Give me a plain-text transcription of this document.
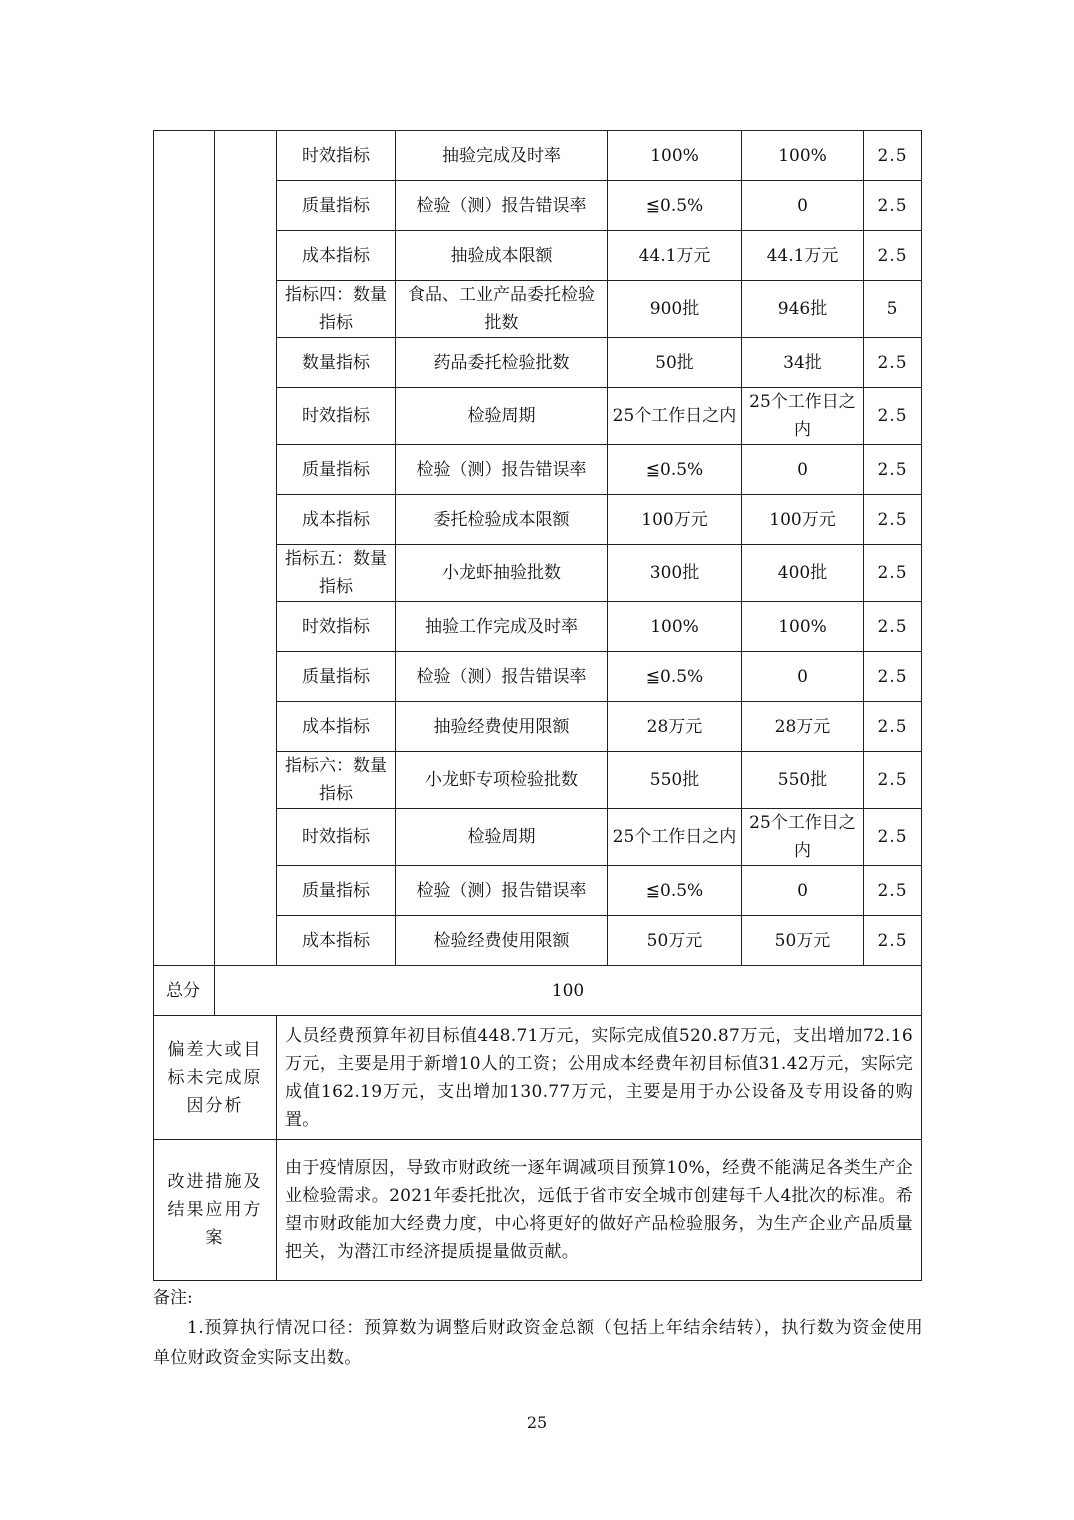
		时效指标	抽验完成及时率	100%	100%	2.5
		质量指标	检验（测）报告错误率	≦0.5%	0	2.5
		成本指标	抽验成本限额	44.1万元	44.1万元	2.5
		指标四：数量指标	食品、工业产品委托检验批数	900批	946批	5
		数量指标	药品委托检验批数	50批	34批	2.5
		时效指标	检验周期	25个工作日之内	25个工作日之内	2.5
		质量指标	检验（测）报告错误率	≦0.5%	0	2.5
		成本指标	委托检验成本限额	100万元	100万元	2.5
		指标五：数量指标	小龙虾抽验批数	300批	400批	2.5
		时效指标	抽验工作完成及时率	100%	100%	2.5
		质量指标	检验（测）报告错误率	≦0.5%	0	2.5
		成本指标	抽验经费使用限额	28万元	28万元	2.5
		指标六：数量指标	小龙虾专项检验批数	550批	550批	2.5
		时效指标	检验周期	25个工作日之内	25个工作日之内	2.5
		质量指标	检验（测）报告错误率	≦0.5%	0	2.5
		成本指标	检验经费使用限额	50万元	50万元	2.5
总分	100					
偏差大或目标未完成原因分析		人员经费预算年初目标值448.71万元，实际完成值520.87万元，支出增加72.16万元，主要是用于新增10人的工资；公用成本经费年初目标值31.42万元，实际完成值162.19万元，支出增加130.77万元，主要是用于办公设备及专用设备的购置。				
改进措施及结果应用方案		由于疫情原因，导致市财政统一逐年调减项目预算10%，经费不能满足各类生产企业检验需求。2021年委托批次，远低于省市安全城市创建每千人4批次的标准。希望市财政能加大经费力度，中心将更好的做好产品检验服务，为生产企业产品质量把关，为潜江市经济提质提量做贡献。				
备注:
1.预算执行情况口径：预算数为调整后财政资金总额（包括上年结余结转），执行数为资金使用单位财政资金实际支出数。
25
